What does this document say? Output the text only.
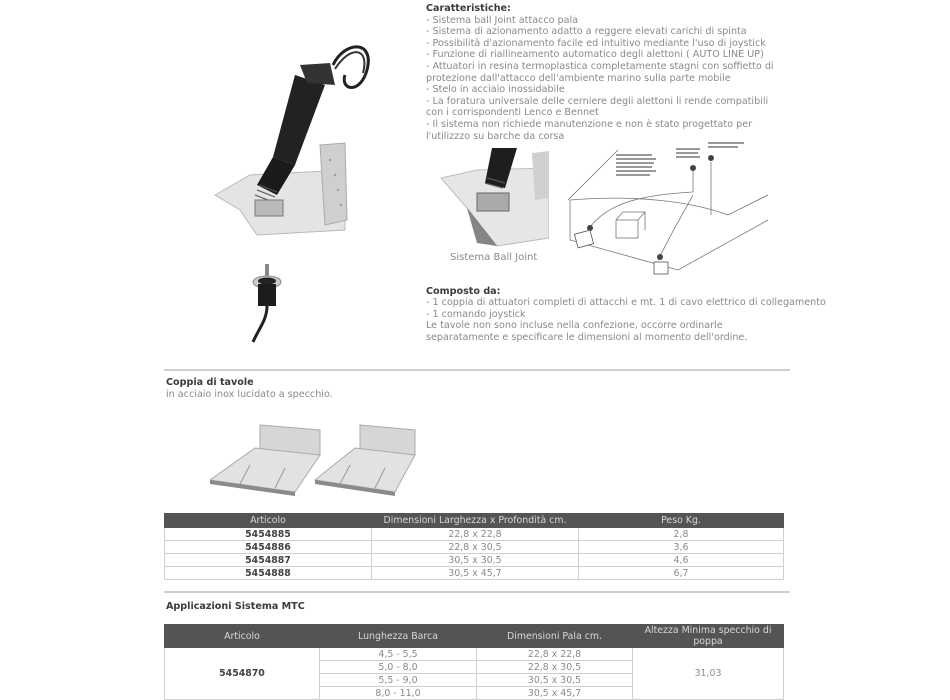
Caratteristiche:
- Sistema ball Joint attacco pala
- Sistema di azionamento adatto a reggere elevati carichi di spinta
- Possibilità d'azionamento facile ed intuitivo mediante l'uso di joystick
- Funzione di riallineamento automatico degli alettoni ( AUTO LINE UP)
- Attuatori in resina termoplastica completamente stagni con soffietto di
protezione dall'attacco dell'ambiente marino sulla parte mobile
- Stelo in acciaio inossidabile
- La foratura universale delle cerniere degli alettoni li rende compatibili
con i corrispondenti Lenco e Bennet
- Il sistema non richiede manutenzione e non è stato progettato per
l'utilizzzo su barche da corsa
Sistema Ball Joint
Composto da:
- 1 coppia di attuatori completi di attacchi e mt. 1 di cavo elettrico di collegamento
- 1 comando joystick
Le tavole non sono incluse nella confezione, occorre ordinarle
separatamente e specificare le dimensioni al momento dell'ordine.
Coppia di tavole
in acciaio inox lucidato a specchio.
Articolo	Dimensioni Larghezza x Profondità cm.	Peso Kg.
5454885	22,8 x 22,8	2,8
5454886	22,8 x 30,5	3,6
5454887	30,5 x 30,5	4,6
5454888	30,5 x 45,7	6,7
Applicazioni Sistema MTC
Articolo	Lunghezza Barca	Dimensioni Pala cm.	Altezza Minima specchio di poppa
5454870	4,5 - 5,5	22,8 x 22,8	31,03
	5,0 - 8,0	22,8 x 30,5	
	5,5 - 9,0	30,5 x 30,5	
	8,0 - 11,0	30,5 x 45,7	
